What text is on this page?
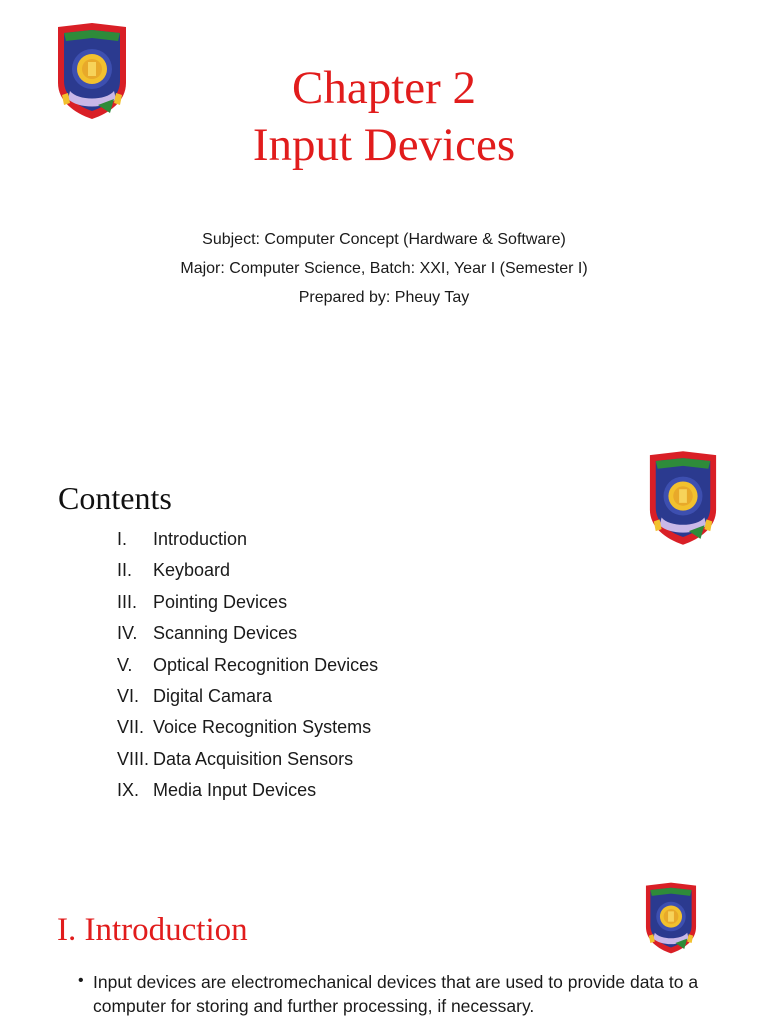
Chapter 2
Input Devices
Subject: Computer Concept (Hardware & Software)
Major: Computer Science, Batch: XXI, Year I (Semester I)
Prepared by: Pheuy Tay
Contents
I. Introduction
II. Keyboard
III. Pointing Devices
IV. Scanning Devices
V. Optical Recognition Devices
VI. Digital Camara
VII. Voice Recognition Systems
VIII. Data Acquisition Sensors
IX. Media Input Devices
I. Introduction
• Input devices are electromechanical devices that are used to provide data to a computer for storing and further processing, if necessary.
